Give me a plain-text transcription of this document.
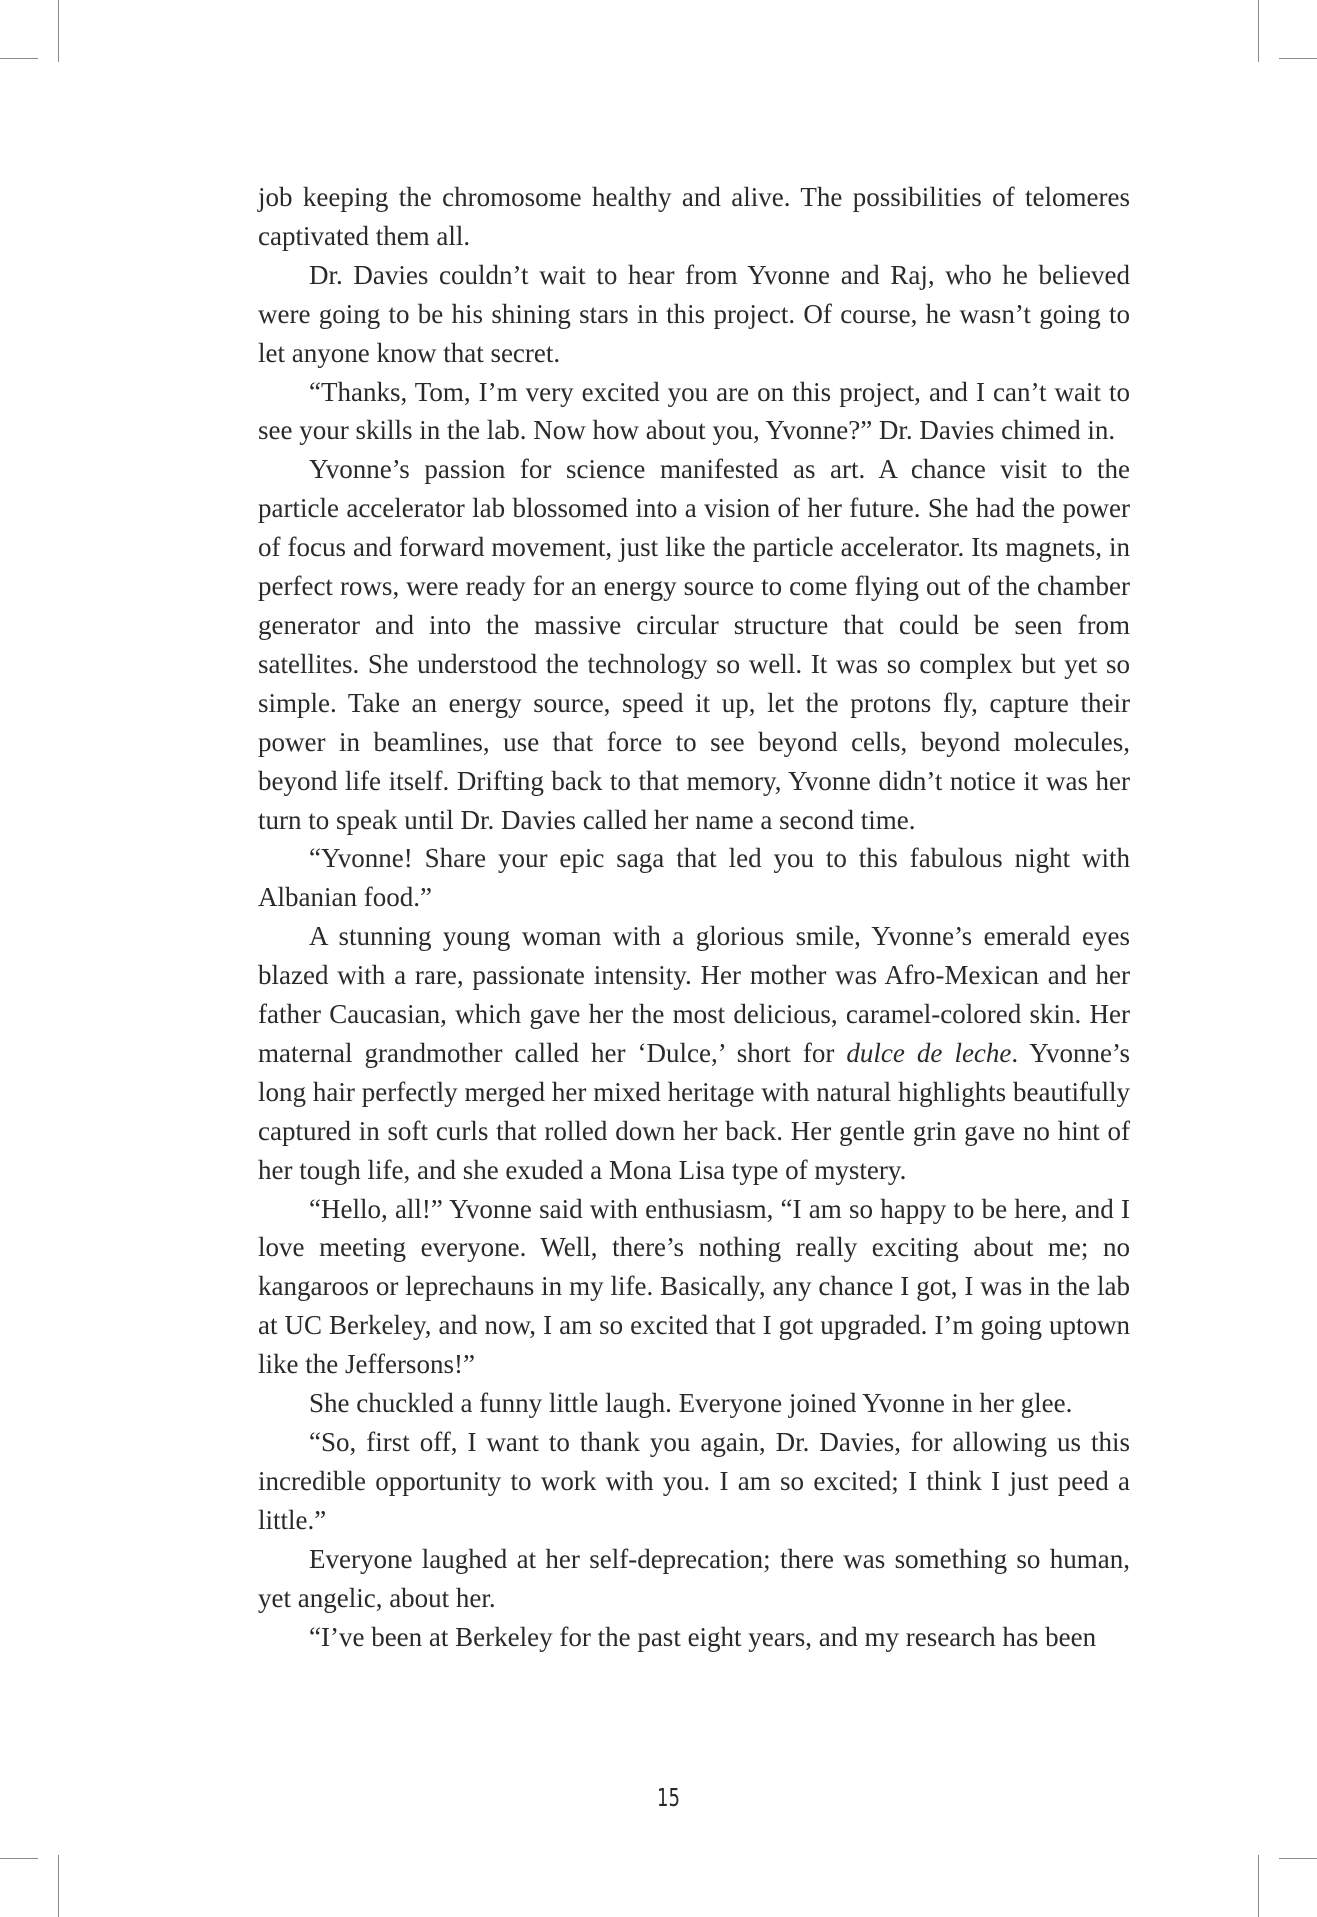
job keeping the chromosome healthy and alive. The possibilities of telomeres captivated them all.

Dr. Davies couldn’t wait to hear from Yvonne and Raj, who he believed were going to be his shining stars in this project. Of course, he wasn’t going to let anyone know that secret.

“Thanks, Tom, I’m very excited you are on this project, and I can’t wait to see your skills in the lab. Now how about you, Yvonne?” Dr. Davies chimed in.

Yvonne’s passion for science manifested as art. A chance visit to the particle accelerator lab blossomed into a vision of her future. She had the power of focus and forward movement, just like the particle accelerator. Its magnets, in perfect rows, were ready for an energy source to come flying out of the chamber generator and into the massive circular structure that could be seen from satellites. She understood the technology so well. It was so complex but yet so simple. Take an energy source, speed it up, let the protons fly, capture their power in beamlines, use that force to see beyond cells, beyond molecules, beyond life itself. Drifting back to that memory, Yvonne didn’t notice it was her turn to speak until Dr. Davies called her name a second time.

“Yvonne! Share your epic saga that led you to this fabulous night with Albanian food.”

A stunning young woman with a glorious smile, Yvonne’s emerald eyes blazed with a rare, passionate intensity. Her mother was Afro-Mexican and her father Caucasian, which gave her the most delicious, caramel-colored skin. Her maternal grandmother called her ‘Dulce,’ short for dulce de leche. Yvonne’s long hair perfectly merged her mixed heritage with natural highlights beautifully captured in soft curls that rolled down her back. Her gentle grin gave no hint of her tough life, and she exuded a Mona Lisa type of mystery.

“Hello, all!” Yvonne said with enthusiasm, “I am so happy to be here, and I love meeting everyone. Well, there’s nothing really exciting about me; no kangaroos or leprechauns in my life. Basically, any chance I got, I was in the lab at UC Berkeley, and now, I am so excited that I got upgraded. I’m going uptown like the Jeffersons!”

She chuckled a funny little laugh. Everyone joined Yvonne in her glee.

“So, first off, I want to thank you again, Dr. Davies, for allowing us this incredible opportunity to work with you. I am so excited; I think I just peed a little.”

Everyone laughed at her self-deprecation; there was something so human, yet angelic, about her.

“I’ve been at Berkeley for the past eight years, and my research has been

15
